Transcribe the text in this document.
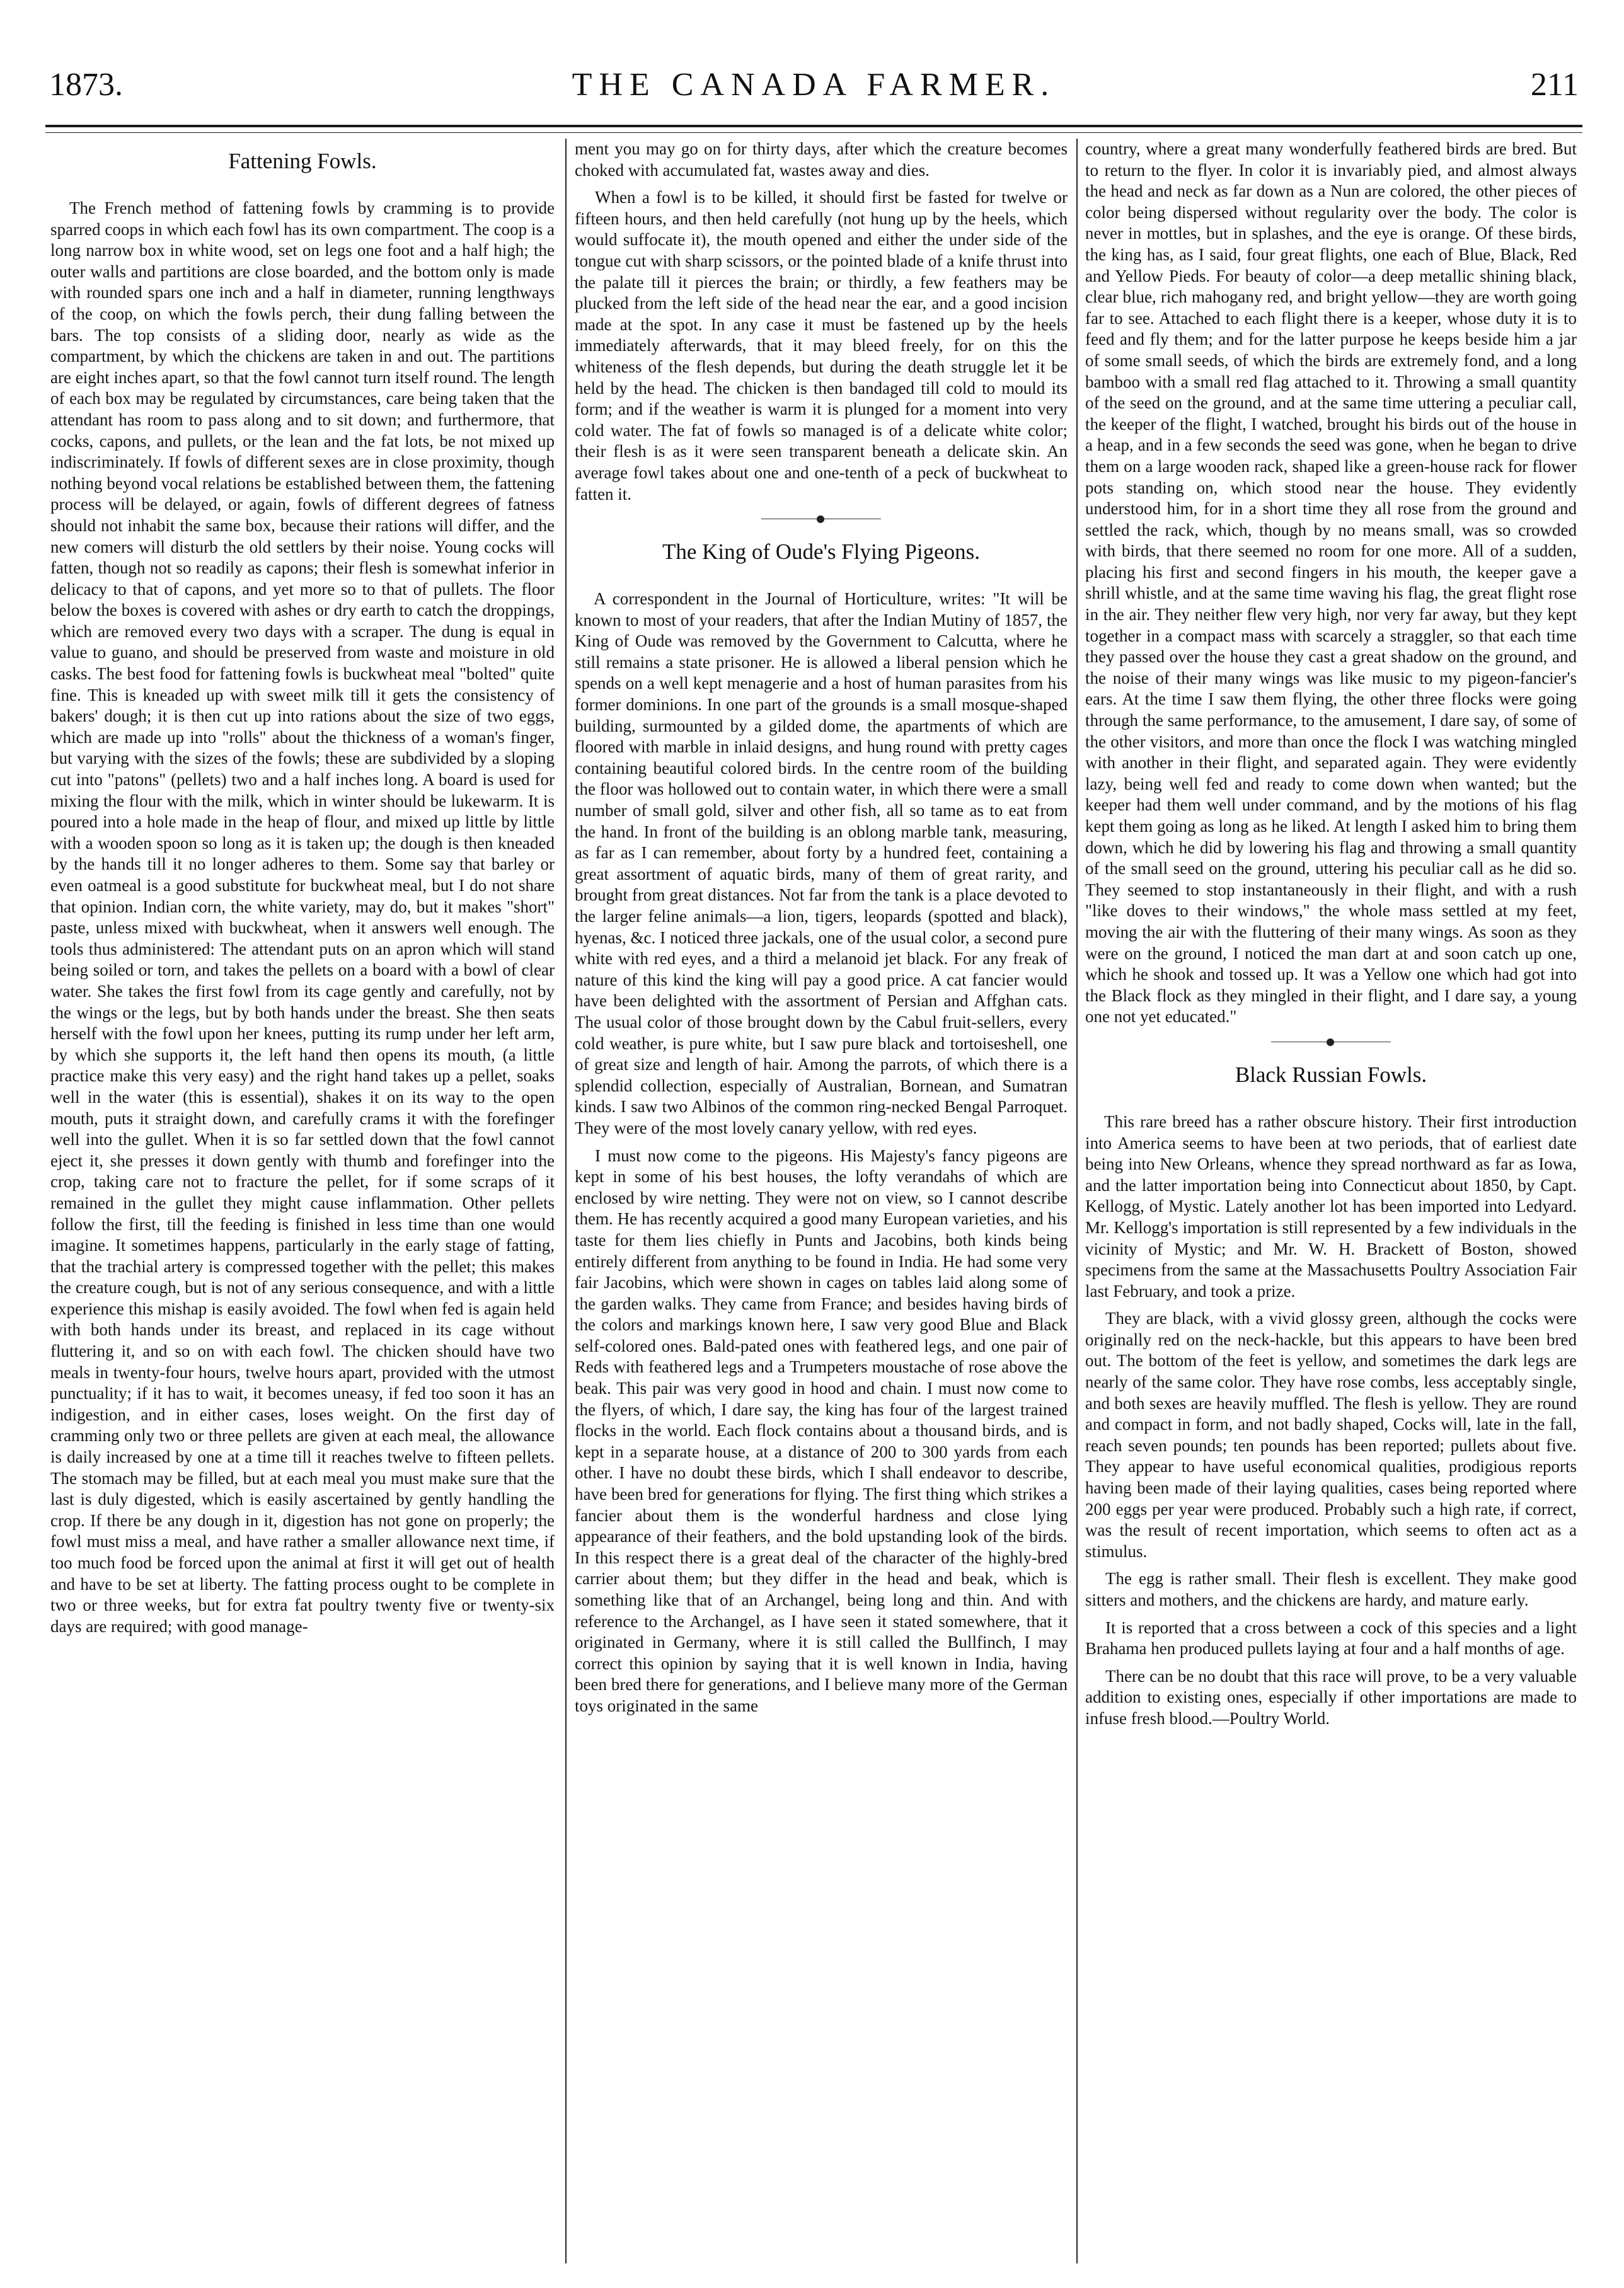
1873.	THE CANADA FARMER.	211
Fattening Fowls.

The French method of fattening fowls by cramming is to provide sparred coops in which each fowl has its own compartment. The coop is a long narrow box in white wood, set on legs one foot and a half high; the outer walls and partitions are close boarded, and the bottom only is made with rounded spars one inch and a half in diameter, running lengthways of the coop, on which the fowls perch, their dung falling between the bars. The top consists of a sliding door, nearly as wide as the compartment, by which the chickens are taken in and out. The partitions are eight inches apart, so that the fowl cannot turn itself round. The length of each box may be regulated by circumstances, care being taken that the attendant has room to pass along and to sit down; and furthermore, that cocks, capons, and pullets, or the lean and the fat lots, be not mixed up indiscriminately. If fowls of different sexes are in close proximity, though nothing beyond vocal relations be established between them, the fattening process will be delayed, or again, fowls of different degrees of fatness should not inhabit the same box, because their rations will differ, and the new comers will disturb the old settlers by their noise. Young cocks will fatten, though not so readily as capons; their flesh is somewhat inferior in delicacy to that of capons, and yet more so to that of pullets. The floor below the boxes is covered with ashes or dry earth to catch the droppings, which are removed every two days with a scraper. The dung is equal in value to guano, and should be preserved from waste and moisture in old casks. The best food for fattening fowls is buckwheat meal "bolted" quite fine. This is kneaded up with sweet milk till it gets the consistency of bakers' dough; it is then cut up into rations about the size of two eggs, which are made up into "rolls" about the thickness of a woman's finger, but varying with the sizes of the fowls; these are subdivided by a sloping cut into "patons" (pellets) two and a half inches long. A board is used for mixing the flour with the milk, which in winter should be lukewarm. It is poured into a hole made in the heap of flour, and mixed up little by little with a wooden spoon so long as it is taken up; the dough is then kneaded by the hands till it no longer adheres to them. Some say that barley or even oatmeal is a good substitute for buckwheat meal, but I do not share that opinion. Indian corn, the white variety, may do, but it makes "short" paste, unless mixed with buckwheat, when it answers well enough. The tools thus administered: The attendant puts on an apron which will stand being soiled or torn, and takes the pellets on a board with a bowl of clear water. She takes the first fowl from its cage gently and carefully, not by the wings or the legs, but by both hands under the breast. She then seats herself with the fowl upon her knees, putting its rump under her left arm, by which she supports it, the left hand then opens its mouth, (a little practice make this very easy) and the right hand takes up a pellet, soaks well in the water (this is essential), shakes it on its way to the open mouth, puts it straight down, and carefully crams it with the forefinger well into the gullet. When it is so far settled down that the fowl cannot eject it, she presses it down gently with thumb and forefinger into the crop, taking care not to fracture the pellet, for if some scraps of it remained in the gullet they might cause inflammation. Other pellets follow the first, till the feeding is finished in less time than one would imagine. It sometimes happens, particularly in the early stage of fatting, that the trachial artery is compressed together with the pellet; this makes the creature cough, but is not of any serious consequence, and with a little experience this mishap is easily avoided. The fowl when fed is again held with both hands under its breast, and replaced in its cage without fluttering it, and so on with each fowl. The chicken should have two meals in twenty-four hours, twelve hours apart, provided with the utmost punctuality; if it has to wait, it becomes uneasy, if fed too soon it has an indigestion, and in either cases, loses weight. On the first day of cramming only two or three pellets are given at each meal, the allowance is daily increased by one at a time till it reaches twelve to fifteen pellets. The stomach may be filled, but at each meal you must make sure that the last is duly digested, which is easily ascertained by gently handling the crop. If there be any dough in it, digestion has not gone on properly; the fowl must miss a meal, and have rather a smaller allowance next time, if too much food be forced upon the animal at first it will get out of health and have to be set at liberty. The fatting process ought to be complete in two or three weeks, but for extra fat poultry twenty five or twenty-six days are required; with good manage-

ment you may go on for thirty days, after which the creature becomes choked with accumulated fat, wastes away and dies.

When a fowl is to be killed, it should first be fasted for twelve or fifteen hours, and then held carefully (not hung up by the heels, which would suffocate it), the mouth opened and either the under side of the tongue cut with sharp scissors, or the pointed blade of a knife thrust into the palate till it pierces the brain; or thirdly, a few feathers may be plucked from the left side of the head near the ear, and a good incision made at the spot. In any case it must be fastened up by the heels immediately afterwards, that it may bleed freely, for on this the whiteness of the flesh depends, but during the death struggle let it be held by the head. The chicken is then bandaged till cold to mould its form; and if the weather is warm it is plunged for a moment into very cold water. The fat of fowls so managed is of a delicate white color; their flesh is as it were seen transparent beneath a delicate skin. An average fowl takes about one and one-tenth of a peck of buckwheat to fatten it.

The King of Oude's Flying Pigeons.

A correspondent in the Journal of Horticulture, writes: "It will be known to most of your readers, that after the Indian Mutiny of 1857, the King of Oude was removed by the Government to Calcutta, where he still remains a state prisoner. He is allowed a liberal pension which he spends on a well kept menagerie and a host of human parasites from his former dominions. In one part of the grounds is a small mosque-shaped building, surmounted by a gilded dome, the apartments of which are floored with marble in inlaid designs, and hung round with pretty cages containing beautiful colored birds. In the centre room of the building the floor was hollowed out to contain water, in which there were a small number of small gold, silver and other fish, all so tame as to eat from the hand. In front of the building is an oblong marble tank, measuring, as far as I can remember, about forty by a hundred feet, containing a great assortment of aquatic birds, many of them of great rarity, and brought from great distances. Not far from the tank is a place devoted to the larger feline animals—a lion, tigers, leopards (spotted and black), hyenas, &c. I noticed three jackals, one of the usual color, a second pure white with red eyes, and a third a melanoid jet black. For any freak of nature of this kind the king will pay a good price. A cat fancier would have been delighted with the assortment of Persian and Affghan cats. The usual color of those brought down by the Cabul fruit-sellers, every cold weather, is pure white, but I saw pure black and tortoiseshell, one of great size and length of hair. Among the parrots, of which there is a splendid collection, especially of Australian, Bornean, and Sumatran kinds. I saw two Albinos of the common ring-necked Bengal Parroquet. They were of the most lovely canary yellow, with red eyes.

I must now come to the pigeons. His Majesty's fancy pigeons are kept in some of his best houses, the lofty verandahs of which are enclosed by wire netting. They were not on view, so I cannot describe them. He has recently acquired a good many European varieties, and his taste for them lies chiefly in Punts and Jacobins, both kinds being entirely different from anything to be found in India. He had some very fair Jacobins, which were shown in cages on tables laid along some of the garden walks. They came from France; and besides having birds of the colors and markings known here, I saw very good Blue and Black self-colored ones. Bald-pated ones with feathered legs, and one pair of Reds with feathered legs and a Trumpeters moustache of rose above the beak. This pair was very good in hood and chain. I must now come to the flyers, of which, I dare say, the king has four of the largest trained flocks in the world. Each flock contains about a thousand birds, and is kept in a separate house, at a distance of 200 to 300 yards from each other. I have no doubt these birds, which I shall endeavor to describe, have been bred for generations for flying. The first thing which strikes a fancier about them is the wonderful hardness and close lying appearance of their feathers, and the bold upstanding look of the birds. In this respect there is a great deal of the character of the highly-bred carrier about them; but they differ in the head and beak, which is something like that of an Archangel, being long and thin. And with reference to the Archangel, as I have seen it stated somewhere, that it originated in Germany, where it is still called the Bullfinch, I may correct this opinion by saying that it is well known in India, having been bred there for generations, and I believe many more of the German toys originated in the same

country, where a great many wonderfully feathered birds are bred. But to return to the flyer. In color it is invariably pied, and almost always the head and neck as far down as a Nun are colored, the other pieces of color being dispersed without regularity over the body. The color is never in mottles, but in splashes, and the eye is orange. Of these birds, the king has, as I said, four great flights, one each of Blue, Black, Red and Yellow Pieds. For beauty of color—a deep metallic shining black, clear blue, rich mahogany red, and bright yellow—they are worth going far to see. Attached to each flight there is a keeper, whose duty it is to feed and fly them; and for the latter purpose he keeps beside him a jar of some small seeds, of which the birds are extremely fond, and a long bamboo with a small red flag attached to it. Throwing a small quantity of the seed on the ground, and at the same time uttering a peculiar call, the keeper of the flight, I watched, brought his birds out of the house in a heap, and in a few seconds the seed was gone, when he began to drive them on a large wooden rack, shaped like a green-house rack for flower pots standing on, which stood near the house. They evidently understood him, for in a short time they all rose from the ground and settled the rack, which, though by no means small, was so crowded with birds, that there seemed no room for one more. All of a sudden, placing his first and second fingers in his mouth, the keeper gave a shrill whistle, and at the same time waving his flag, the great flight rose in the air. They neither flew very high, nor very far away, but they kept together in a compact mass with scarcely a straggler, so that each time they passed over the house they cast a great shadow on the ground, and the noise of their many wings was like music to my pigeon-fancier's ears. At the time I saw them flying, the other three flocks were going through the same performance, to the amusement, I dare say, of some of the other visitors, and more than once the flock I was watching mingled with another in their flight, and separated again. They were evidently lazy, being well fed and ready to come down when wanted; but the keeper had them well under command, and by the motions of his flag kept them going as long as he liked. At length I asked him to bring them down, which he did by lowering his flag and throwing a small quantity of the small seed on the ground, uttering his peculiar call as he did so. They seemed to stop instantaneously in their flight, and with a rush "like doves to their windows," the whole mass settled at my feet, moving the air with the fluttering of their many wings. As soon as they were on the ground, I noticed the man dart at and soon catch up one, which he shook and tossed up. It was a Yellow one which had got into the Black flock as they mingled in their flight, and I dare say, a young one not yet educated."

Black Russian Fowls.

This rare breed has a rather obscure history. Their first introduction into America seems to have been at two periods, that of earliest date being into New Orleans, whence they spread northward as far as Iowa, and the latter importation being into Connecticut about 1850, by Capt. Kellogg, of Mystic. Lately another lot has been imported into Ledyard. Mr. Kellogg's importation is still represented by a few individuals in the vicinity of Mystic; and Mr. W. H. Brackett of Boston, showed specimens from the same at the Massachusetts Poultry Association Fair last February, and took a prize.

They are black, with a vivid glossy green, although the cocks were originally red on the neck-hackle, but this appears to have been bred out. The bottom of the feet is yellow, and sometimes the dark legs are nearly of the same color. They have rose combs, less acceptably single, and both sexes are heavily muffled. The flesh is yellow. They are round and compact in form, and not badly shaped, Cocks will, late in the fall, reach seven pounds; ten pounds has been reported; pullets about five. They appear to have useful economical qualities, prodigious reports having been made of their laying qualities, cases being reported where 200 eggs per year were produced. Probably such a high rate, if correct, was the result of recent importation, which seems to often act as a stimulus.

The egg is rather small. Their flesh is excellent. They make good sitters and mothers, and the chickens are hardy, and mature early.

It is reported that a cross between a cock of this species and a light Brahama hen produced pullets laying at four and a half months of age.

There can be no doubt that this race will prove, to be a very valuable addition to existing ones, especially if other importations are made to infuse fresh blood.—Poultry World.
